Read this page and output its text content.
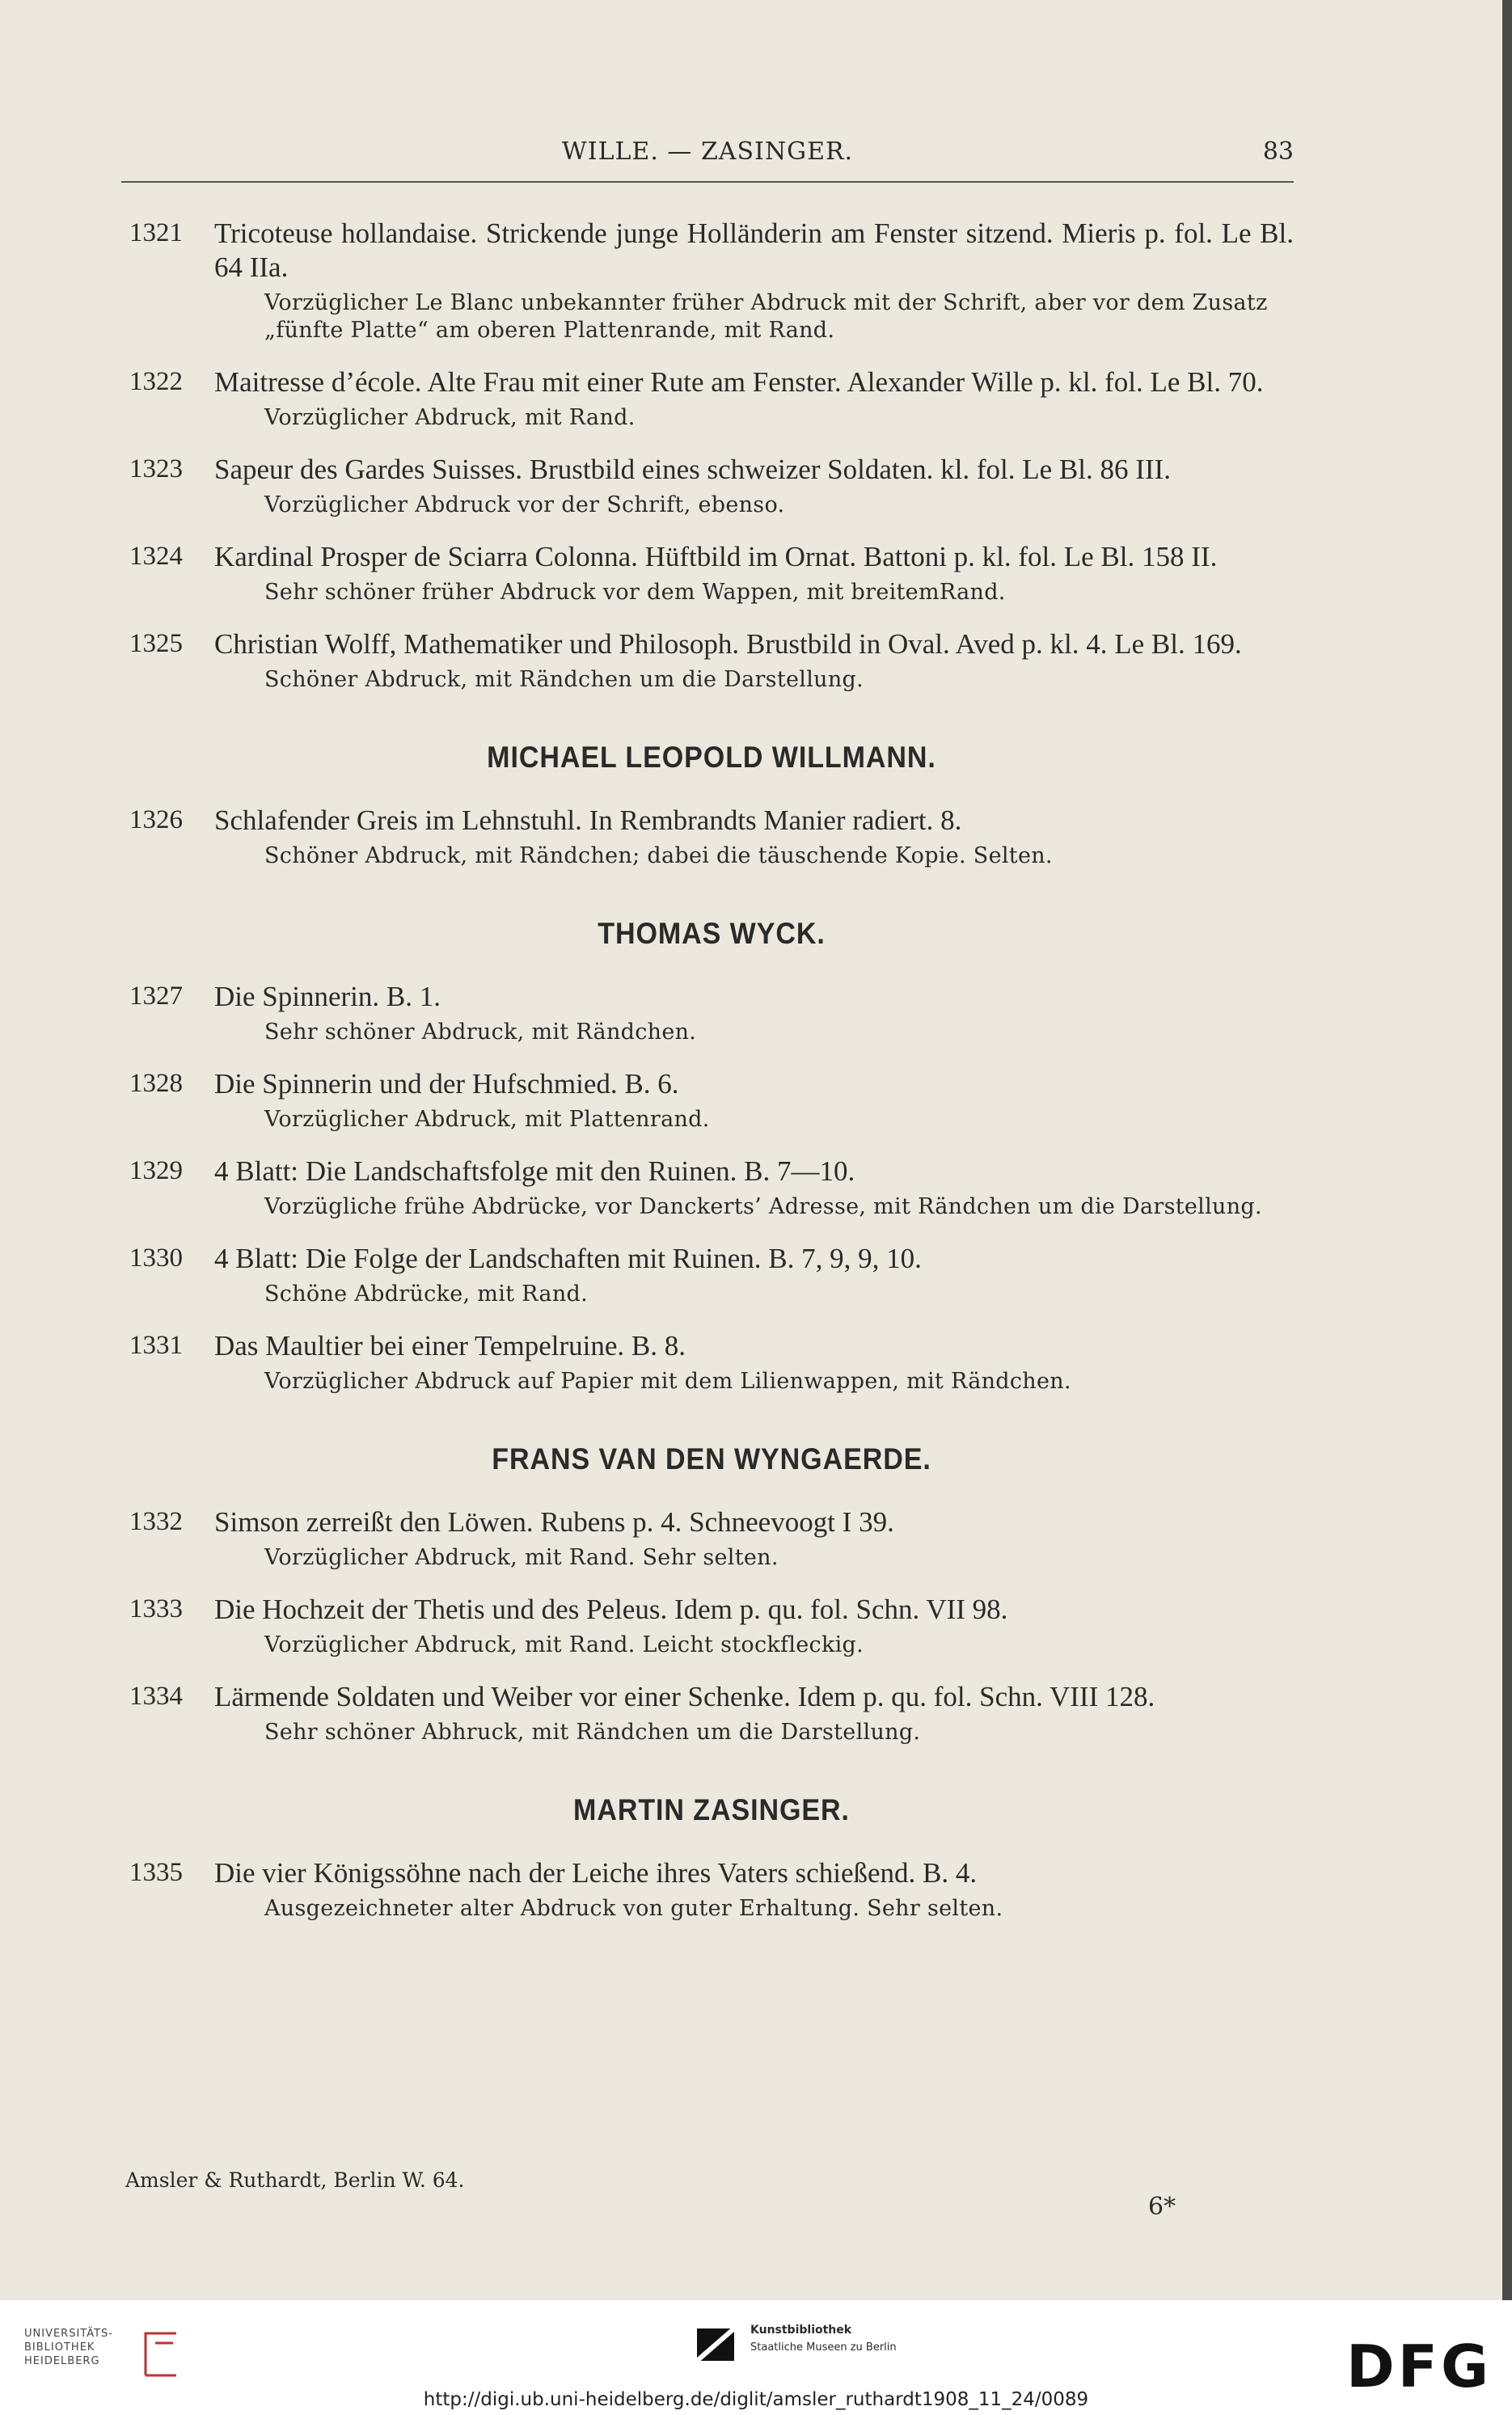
WILLE. — ZASINGER.	83
1321 Tricoteuse hollandaise. Strickende junge Holländerin am Fenster sitzend. Mieris p. fol. Le Bl. 64 IIa.
Vorzüglicher Le Blanc unbekannter früher Abdruck mit der Schrift, aber vor dem Zusatz „fünfte Platte“ am oberen Plattenrande, mit Rand.
1322 Maitresse d’école. Alte Frau mit einer Rute am Fenster. Alexander Wille p. kl. fol. Le Bl. 70.
Vorzüglicher Abdruck, mit Rand.
1323 Sapeur des Gardes Suisses. Brustbild eines schweizer Soldaten. kl. fol. Le Bl. 86 III.
Vorzüglicher Abdruck vor der Schrift, ebenso.
1324 Kardinal Prosper de Sciarra Colonna. Hüftbild im Ornat. Battoni p. kl. fol. Le Bl. 158 II.
Sehr schöner früher Abdruck vor dem Wappen, mit breitemRand.
1325 Christian Wolff, Mathematiker und Philosoph. Brustbild in Oval. Aved p. kl. 4. Le Bl. 169.
Schöner Abdruck, mit Rändchen um die Darstellung.
MICHAEL LEOPOLD WILLMANN.
1326 Schlafender Greis im Lehnstuhl. In Rembrandts Manier radiert. 8.
Schöner Abdruck, mit Rändchen; dabei die täuschende Kopie. Selten.
THOMAS WYCK.
1327 Die Spinnerin. B. 1.
Sehr schöner Abdruck, mit Rändchen.
1328 Die Spinnerin und der Hufschmied. B. 6.
Vorzüglicher Abdruck, mit Plattenrand.
1329 4 Blatt: Die Landschaftsfolge mit den Ruinen. B. 7—10.
Vorzügliche frühe Abdrücke, vor Danckerts’ Adresse, mit Rändchen um die Darstellung.
1330 4 Blatt: Die Folge der Landschaften mit Ruinen. B. 7, 9, 9, 10.
Schöne Abdrücke, mit Rand.
1331 Das Maultier bei einer Tempelruine. B. 8.
Vorzüglicher Abdruck auf Papier mit dem Lilienwappen, mit Rändchen.
FRANS VAN DEN WYNGAERDE.
1332 Simson zerreißt den Löwen. Rubens p. 4. Schneevoogt I 39.
Vorzüglicher Abdruck, mit Rand. Sehr selten.
1333 Die Hochzeit der Thetis und des Peleus. Idem p. qu. fol. Schn. VII 98.
Vorzüglicher Abdruck, mit Rand. Leicht stockfleckig.
1334 Lärmende Soldaten und Weiber vor einer Schenke. Idem p. qu. fol. Schn. VIII 128.
Sehr schöner Abhruck, mit Rändchen um die Darstellung.
MARTIN ZASINGER.
1335 Die vier Königssöhne nach der Leiche ihres Vaters schießend. B. 4.
Ausgezeichneter alter Abdruck von guter Erhaltung. Sehr selten.
Amsler & Ruthardt, Berlin W. 64.
6*
UNIVERSITÄTS-
BIBLIOTHEK
HEIDELBERG
Kunstbibliothek
Staatliche Museen zu Berlin	DFG
http://digi.ub.uni-heidelberg.de/diglit/amsler_ruthardt1908_11_24/0089
